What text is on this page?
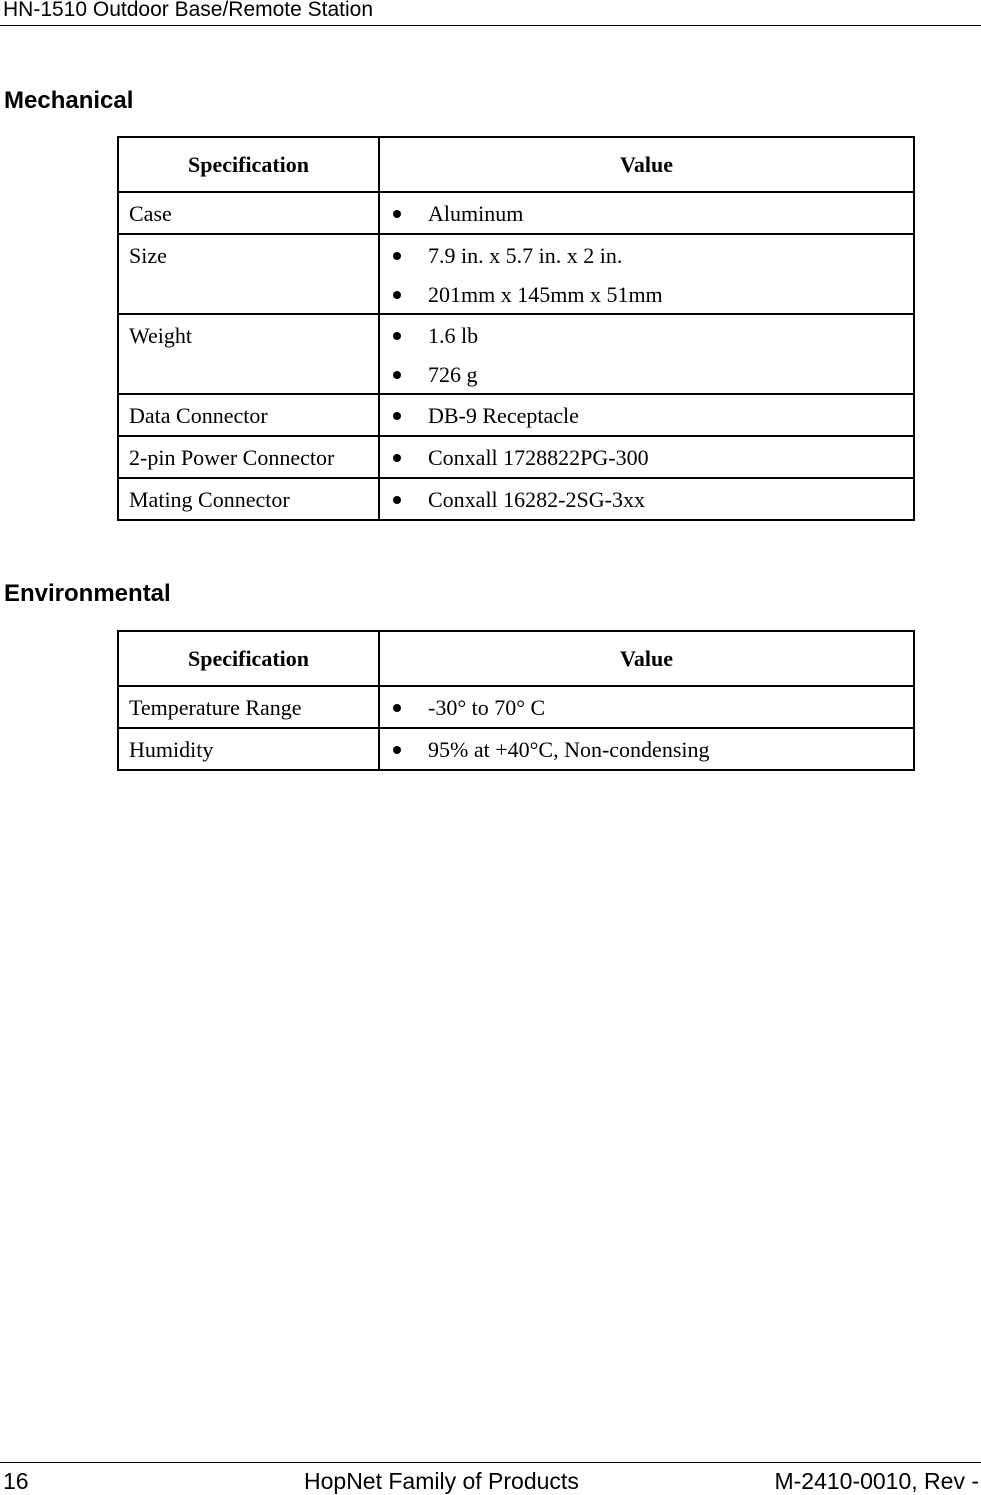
HN-1510 Outdoor Base/Remote Station
Mechanical
Specification	Value
Case	Aluminum

Size	7.9 in. x 5.7 in. x 2 in.
201mm x 145mm x 51mm

Weight	1.6 lb
726 g

Data Connector	DB-9 Receptacle

2-pin Power Connector	Conxall 1728822PG-300

Mating Connector	Conxall 16282-2SG-3xx
Environmental
Specification	Value
Temperature Range	-30° to 70° C

Humidity	95% at +40°C, Non-condensing
16	HopNet Family of Products	M-2410-0010, Rev -
